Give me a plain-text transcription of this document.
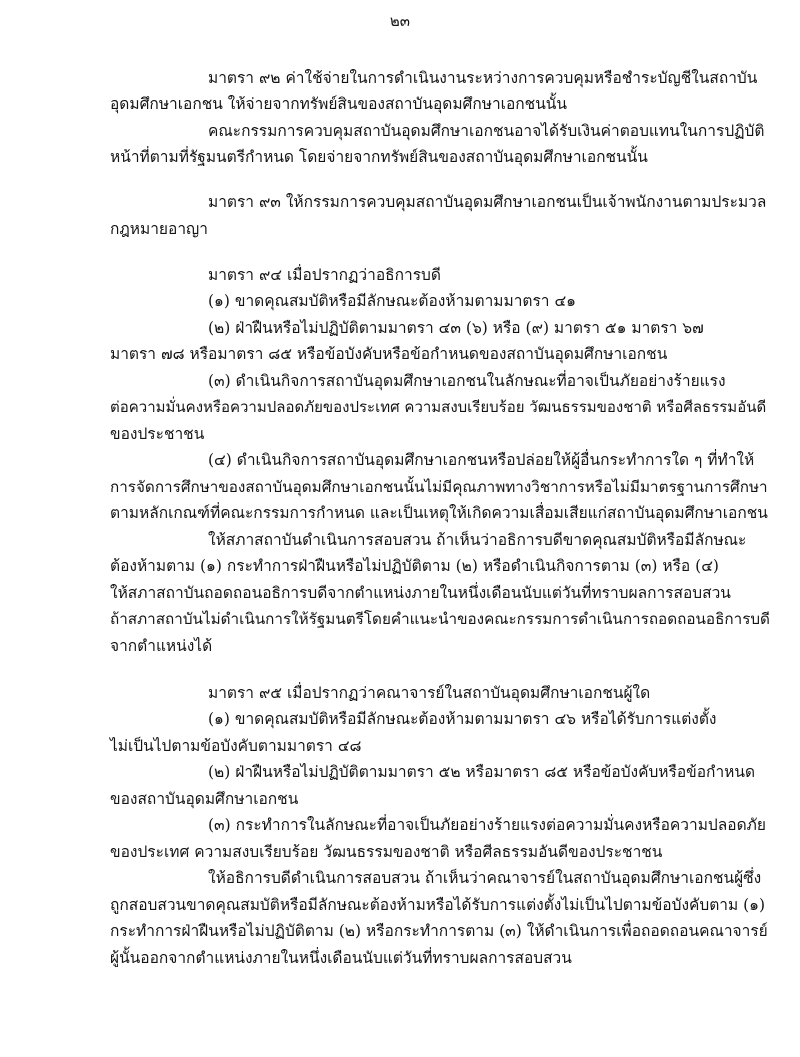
๒๓
มาตรา ๙๒ ค่าใช้จ่ายในการดำเนินงานระหว่างการควบคุมหรือชำระบัญชีในสถาบัน
อุดมศึกษาเอกชน ให้จ่ายจากทรัพย์สินของสถาบันอุดมศึกษาเอกชนนั้น
คณะกรรมการควบคุมสถาบันอุดมศึกษาเอกชนอาจได้รับเงินค่าตอบแทนในการปฏิบัติ
หน้าที่ตามที่รัฐมนตรีกำหนด โดยจ่ายจากทรัพย์สินของสถาบันอุดมศึกษาเอกชนนั้น
มาตรา ๙๓ ให้กรรมการควบคุมสถาบันอุดมศึกษาเอกชนเป็นเจ้าพนักงานตามประมวล
กฎหมายอาญา
มาตรา ๙๔ เมื่อปรากฏว่าอธิการบดี
(๑) ขาดคุณสมบัติหรือมีลักษณะต้องห้ามตามมาตรา ๔๑
(๒) ฝ่าฝืนหรือไม่ปฏิบัติตามมาตรา ๔๓ (๖) หรือ (๙) มาตรา ๕๑ มาตรา ๖๗
มาตรา ๗๘ หรือมาตรา ๘๕ หรือข้อบังคับหรือข้อกำหนดของสถาบันอุดมศึกษาเอกชน
(๓) ดำเนินกิจการสถาบันอุดมศึกษาเอกชนในลักษณะที่อาจเป็นภัยอย่างร้ายแรง
ต่อความมั่นคงหรือความปลอดภัยของประเทศ ความสงบเรียบร้อย วัฒนธรรมของชาติ หรือศีลธรรมอันดี
ของประชาชน
(๔) ดำเนินกิจการสถาบันอุดมศึกษาเอกชนหรือปล่อยให้ผู้อื่นกระทำการใด ๆ ที่ทำให้
การจัดการศึกษาของสถาบันอุดมศึกษาเอกชนนั้นไม่มีคุณภาพทางวิชาการหรือไม่มีมาตรฐานการศึกษา
ตามหลักเกณฑ์ที่คณะกรรมการกำหนด และเป็นเหตุให้เกิดความเสื่อมเสียแก่สถาบันอุดมศึกษาเอกชน
ให้สภาสถาบันดำเนินการสอบสวน ถ้าเห็นว่าอธิการบดีขาดคุณสมบัติหรือมีลักษณะ
ต้องห้ามตาม (๑) กระทำการฝ่าฝืนหรือไม่ปฏิบัติตาม (๒) หรือดำเนินกิจการตาม (๓) หรือ (๔)
ให้สภาสถาบันถอดถอนอธิการบดีจากตำแหน่งภายในหนึ่งเดือนนับแต่วันที่ทราบผลการสอบสวน
ถ้าสภาสถาบันไม่ดำเนินการให้รัฐมนตรีโดยคำแนะนำของคณะกรรมการดำเนินการถอดถอนอธิการบดี
จากตำแหน่งได้
มาตรา ๙๕ เมื่อปรากฏว่าคณาจารย์ในสถาบันอุดมศึกษาเอกชนผู้ใด
(๑) ขาดคุณสมบัติหรือมีลักษณะต้องห้ามตามมาตรา ๔๖ หรือได้รับการแต่งตั้ง
ไม่เป็นไปตามข้อบังคับตามมาตรา ๔๘
(๒) ฝ่าฝืนหรือไม่ปฏิบัติตามมาตรา ๕๒ หรือมาตรา ๘๕ หรือข้อบังคับหรือข้อกำหนด
ของสถาบันอุดมศึกษาเอกชน
(๓) กระทำการในลักษณะที่อาจเป็นภัยอย่างร้ายแรงต่อความมั่นคงหรือความปลอดภัย
ของประเทศ ความสงบเรียบร้อย วัฒนธรรมของชาติ หรือศีลธรรมอันดีของประชาชน
ให้อธิการบดีดำเนินการสอบสวน ถ้าเห็นว่าคณาจารย์ในสถาบันอุดมศึกษาเอกชนผู้ซึ่ง
ถูกสอบสวนขาดคุณสมบัติหรือมีลักษณะต้องห้ามหรือได้รับการแต่งตั้งไม่เป็นไปตามข้อบังคับตาม (๑)
กระทำการฝ่าฝืนหรือไม่ปฏิบัติตาม (๒) หรือกระทำการตาม (๓) ให้ดำเนินการเพื่อถอดถอนคณาจารย์
ผู้นั้นออกจากตำแหน่งภายในหนึ่งเดือนนับแต่วันที่ทราบผลการสอบสวน
